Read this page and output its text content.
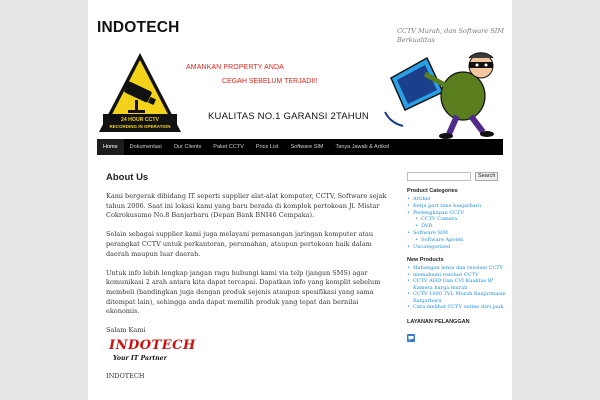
INDOTECH	CCTV Murah, dan Software SIM Berkualitas
24 HOUR CCTV
RECORDING IN OPERATION
AMANKAN PROPERTY ANDA
CEGAH SEBELUM TERJADI!!
KUALITAS NO.1 GARANSI 2TAHUN
Home	Dokumentasi	Our Clients	Paket CCTV	Price List	Software SIM	Tanya Jawab & Artikel
About Us

Kami bergerak dibidang IT seperti supplier alat-alat komputer, CCTV, Software sejak tahun 2006. Saat ini lokasi kami yang baru berada di komplek pertokoan Jl. Mistar Cokrokusumo No.8 Banjarbaru (Depan Bank BNI46 Cempaka).

Selain sebagai supplier kami juga melayani pemasangan jaringan komputer atau perangkat CCTV untuk perkantoran, perumahan, ataupun pertokoan baik dalam daerah maupun luar daerah.

Untuk info lebih lengkap jangan ragu hubungi kami via telp (jangan SMS) agar komunikasi 2 arah antara kita dapat tercapai. Dapatkan info yang komplit sebelum membeli (bandingkan juga dengan produk sejenis ataupun spesifikasi yang sama ditempat lain), sehingga anda dapat memilih produk yang tepat dan bernilai ekonomis.

Salam Kami
INDOTECH
Your IT Partner
INDOTECH
Search
Product Categories
• Artikel
• Kerja part time banjarbaru
• Perlengkapan CCTV
• CCTV Camera
• DVR
• Software SIM
• Software Apotek
• Uncategorized
New Products
• Hubungan lensa dan resolusi CCTV
• memahami resolusi CCTV
• CCTV AHD Dan CVI Kualitas IP Kamera harga murah
• CCTV 1000 TVL Murah Banjarmasin Banjarbaru
• Cara melihat CCTV online dari jauh
LAYANAN PELANGGAN
